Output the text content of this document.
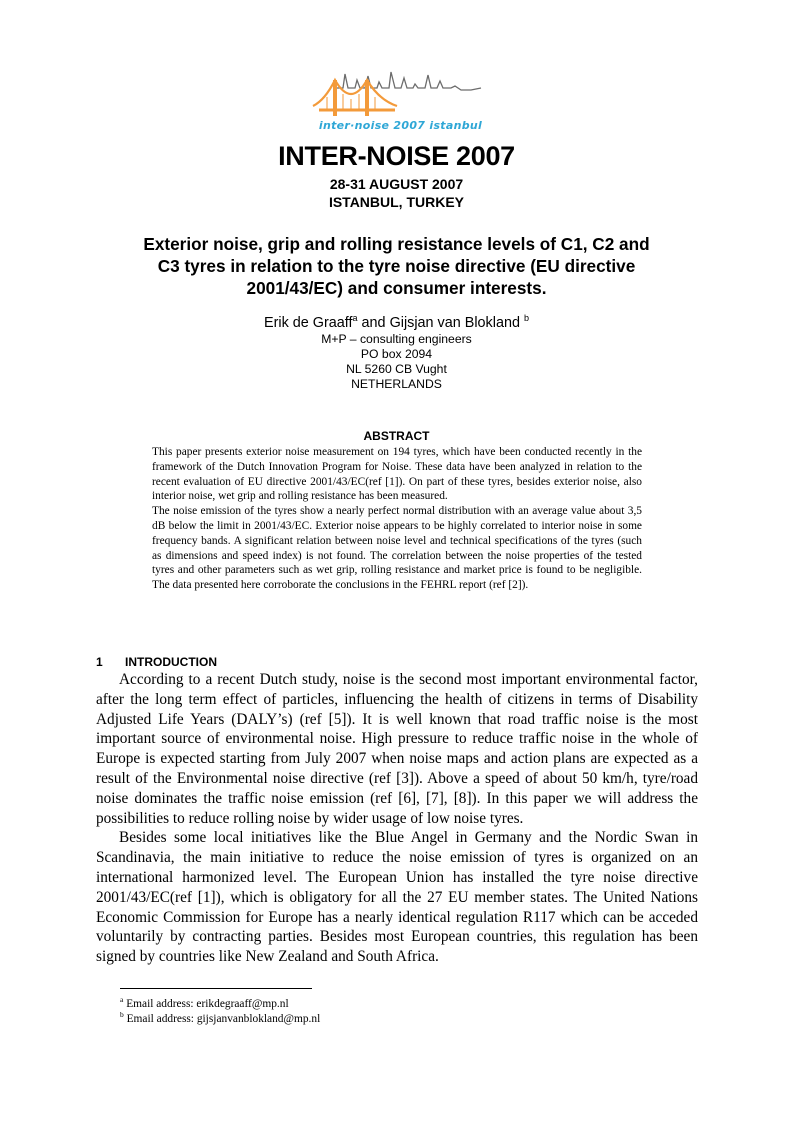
inter·noise 2007 istanbul
INTER-NOISE 2007
28-31 AUGUST 2007
ISTANBUL, TURKEY
Exterior noise, grip and rolling resistance levels of C1, C2 and
C3 tyres in relation to the tyre noise directive (EU directive
2001/43/EC) and consumer interests.
Erik de Graaff$^a$ and Gijsjan van Blokland $^b$
M+P – consulting engineers
PO box 2094
NL 5260 CB Vught
NETHERLANDS
ABSTRACT

This paper presents exterior noise measurement on 194 tyres, which have been conducted recently in the framework of the Dutch Innovation Program for Noise. These data have been analyzed in relation to the recent evaluation of EU directive 2001/43/EC(ref [1]). On part of these tyres, besides exterior noise, also interior noise, wet grip and rolling resistance has been measured.

The noise emission of the tyres show a nearly perfect normal distribution with an average value about 3,5 dB below the limit in 2001/43/EC. Exterior noise appears to be highly correlated to interior noise in some frequency bands. A significant relation between noise level and technical specifications of the tyres (such as dimensions and speed index) is not found. The correlation between the noise properties of the tested tyres and other parameters such as wet grip, rolling resistance and market price is found to be negligible. The data presented here corroborate the conclusions in the FEHRL report (ref [2]).

1 INTRODUCTION

According to a recent Dutch study, noise is the second most important environmental factor, after the long term effect of particles, influencing the health of citizens in terms of Disability Adjusted Life Years (DALY’s) (ref [5]). It is well known that road traffic noise is the most important source of environmental noise. High pressure to reduce traffic noise in the whole of Europe is expected starting from July 2007 when noise maps and action plans are expected as a result of the Environmental noise directive (ref [3]). Above a speed of about 50 km/h, tyre/road noise dominates the traffic noise emission (ref [6], [7], [8]). In this paper we will address the possibilities to reduce rolling noise by wider usage of low noise tyres.

Besides some local initiatives like the Blue Angel in Germany and the Nordic Swan in Scandinavia, the main initiative to reduce the noise emission of tyres is organized on an international harmonized level. The European Union has installed the tyre noise directive 2001/43/EC(ref [1]), which is obligatory for all the 27 EU member states. The United Nations Economic Commission for Europe has a nearly identical regulation R117 which can be acceded voluntarily by contracting parties. Besides most European countries, this regulation has been signed by countries like New Zealand and South Africa.

$^a$ Email address: erikdegraaff@mp.nl
$^b$ Email address: gijsjanvanblokland@mp.nl
